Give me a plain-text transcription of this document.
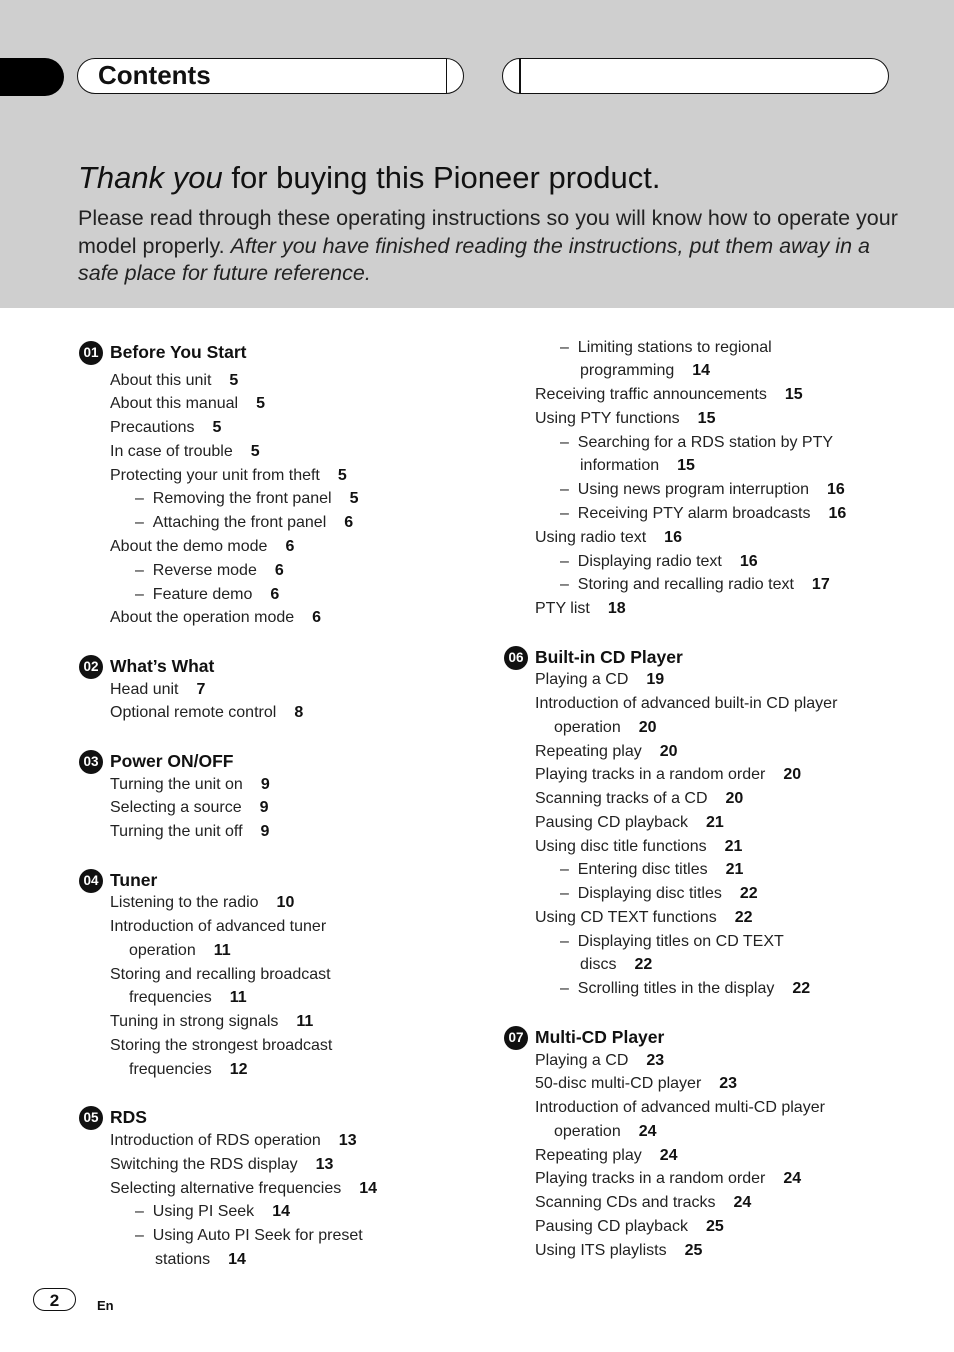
Contents
Thank you for buying this Pioneer product.
Please read through these operating instructions so you will know how to operate your model properly. After you have finished reading the instructions, put them away in a safe place for future reference.
01 Before You Start
02 What’s What
03 Power ON/OFF
04 Tuner
05 RDS
06 Built-in CD Player
07 Multi-CD Player
About this unit 5
About this manual 5
Precautions 5
In case of trouble 5
Protecting your unit from theft 5
– Removing the front panel 5
– Attaching the front panel 6
About the demo mode 6
– Reverse mode 6
– Feature demo 6
About the operation mode 6
Head unit 7
Optional remote control 8
Turning the unit on 9
Selecting a source 9
Turning the unit off 9
Listening to the radio 10
Introduction of advanced tuner
operation 11
Storing and recalling broadcast
frequencies 11
Tuning in strong signals 11
Storing the strongest broadcast
frequencies 12
Introduction of RDS operation 13
Switching the RDS display 13
Selecting alternative frequencies 14
– Using PI Seek 14
– Using Auto PI Seek for preset
stations 14
– Limiting stations to regional
programming 14
Receiving traffic announcements 15
Using PTY functions 15
– Searching for a RDS station by PTY
information 15
– Using news program interruption 16
– Receiving PTY alarm broadcasts 16
Using radio text 16
– Displaying radio text 16
– Storing and recalling radio text 17
PTY list 18
Playing a CD 19
Introduction of advanced built-in CD player
operation 20
Repeating play 20
Playing tracks in a random order 20
Scanning tracks of a CD 20
Pausing CD playback 21
Using disc title functions 21
– Entering disc titles 21
– Displaying disc titles 22
Using CD TEXT functions 22
– Displaying titles on CD TEXT
discs 22
– Scrolling titles in the display 22
Playing a CD 23
50-disc multi-CD player 23
Introduction of advanced multi-CD player
operation 24
Repeating play 24
Playing tracks in a random order 24
Scanning CDs and tracks 24
Pausing CD playback 25
Using ITS playlists 25
2	En
